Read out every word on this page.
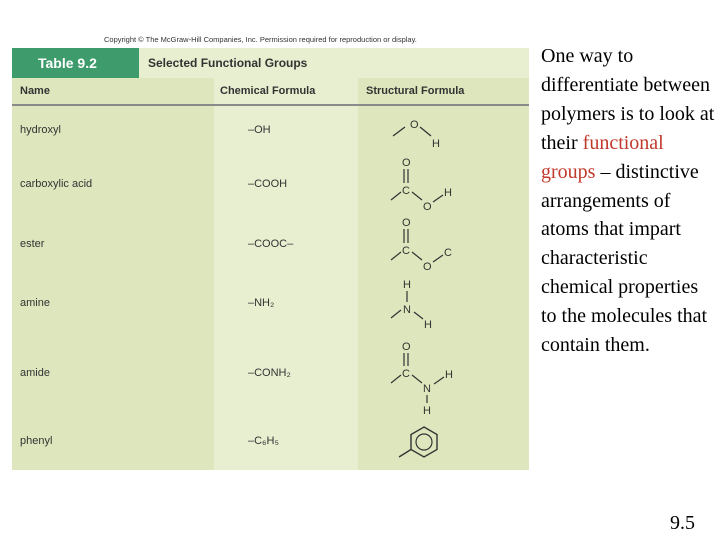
Copyright © The McGraw-Hill Companies, Inc. Permission required for reproduction or display.
Table 9.2	Selected Functional Groups
Name	Chemical Formula	Structural Formula
hydroxyl	–OH	O
H
carboxylic acid	–COOH
O
C
O
H
ester	–COOC–
O
C
O
C
amine	–NH₂
H
N
H
amide	–CONH₂
O
C
N
H
H
phenyl	–C₆H₅
One way to differentiate between polymers is to look at their functional groups – distinctive arrangements of atoms that impart characteristic chemical properties to the molecules that contain them.
9.5
